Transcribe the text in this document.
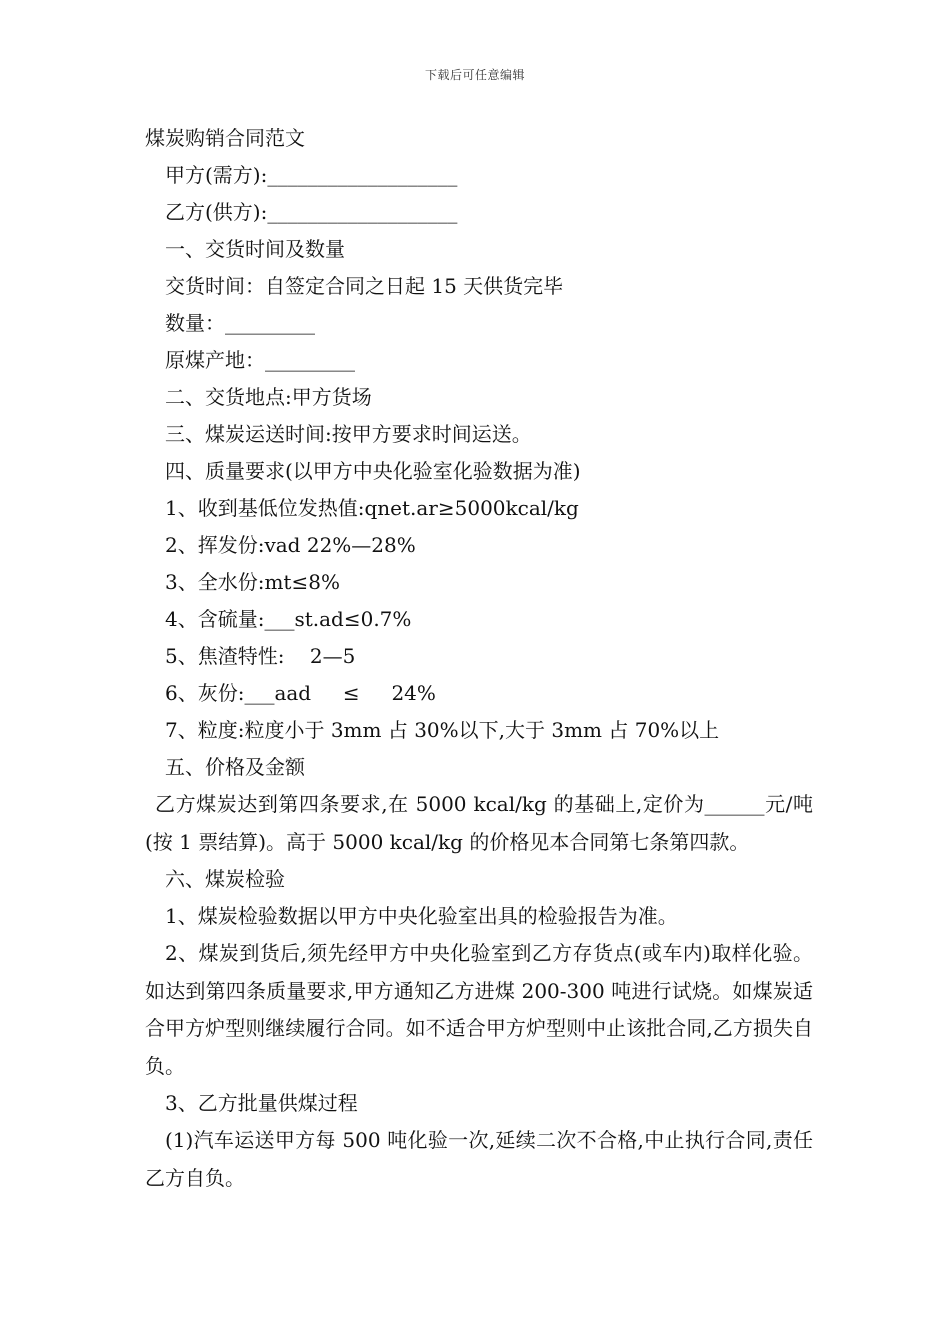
下载后可任意编辑
煤炭购销合同范文
甲方(需方):___________________
乙方(供方):___________________
一、交货时间及数量
交货时间：自签定合同之日起 15 天供货完毕
数量：_________
原煤产地：_________
二、交货地点:甲方货场
三、煤炭运送时间:按甲方要求时间运送。
四、质量要求(以甲方中央化验室化验数据为准)
1、收到基低位发热值:qnet.ar≥5000kcal/kg
2、挥发份:vad 22%—28%
3、全水份:mt≤8%
4、含硫量:___st.ad≤0.7%
5、焦渣特性:    2—5
6、灰份:___aad     ≤     24%
7、粒度:粒度小于 3mm 占 30%以下,大于 3mm 占 70%以上
五、价格及金额
乙方煤炭达到第四条要求,在 5000 kcal/kg 的基础上,定价为______元/吨(按 1 票结算)。高于 5000 kcal/kg 的价格见本合同第七条第四款。
六、煤炭检验
1、煤炭检验数据以甲方中央化验室出具的检验报告为准。
2、煤炭到货后,须先经甲方中央化验室到乙方存货点(或车内)取样化验。如达到第四条质量要求,甲方通知乙方进煤 200-300 吨进行试烧。如煤炭适合甲方炉型则继续履行合同。如不适合甲方炉型则中止该批合同,乙方损失自负。
3、乙方批量供煤过程
(1)汽车运送甲方每 500 吨化验一次,延续二次不合格,中止执行合同,责任乙方自负。
